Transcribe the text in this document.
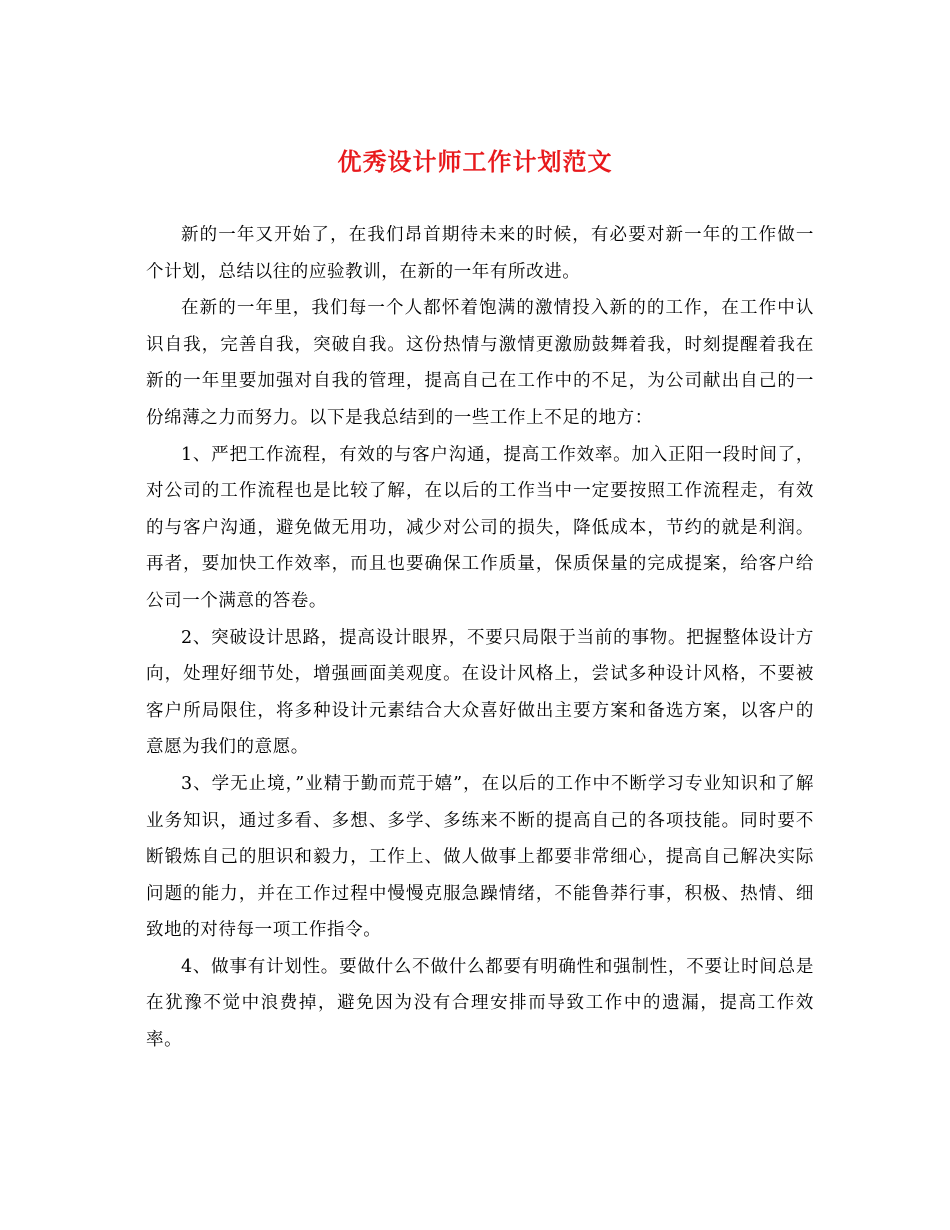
优秀设计师工作计划范文

新的一年又开始了，在我们昂首期待未来的时候，有必要对新一年的工作做一个计划，总结以往的应验教训，在新的一年有所改进。

在新的一年里，我们每一个人都怀着饱满的激情投入新的的工作，在工作中认识自我，完善自我，突破自我。这份热情与激情更激励鼓舞着我，时刻提醒着我在新的一年里要加强对自我的管理，提高自己在工作中的不足，为公司献出自己的一份绵薄之力而努力。以下是我总结到的一些工作上不足的地方：

1、严把工作流程，有效的与客户沟通，提高工作效率。加入正阳一段时间了，对公司的工作流程也是比较了解，在以后的工作当中一定要按照工作流程走，有效的与客户沟通，避免做无用功，减少对公司的损失，降低成本，节约的就是利润。再者，要加快工作效率，而且也要确保工作质量，保质保量的完成提案，给客户给公司一个满意的答卷。

2、突破设计思路，提高设计眼界，不要只局限于当前的事物。把握整体设计方向，处理好细节处，增强画面美观度。在设计风格上，尝试多种设计风格，不要被客户所局限住，将多种设计元素结合大众喜好做出主要方案和备选方案，以客户的意愿为我们的意愿。

3、学无止境，”业精于勤而荒于嬉”，在以后的工作中不断学习专业知识和了解业务知识，通过多看、多想、多学、多练来不断的提高自己的各项技能。同时要不断锻炼自己的胆识和毅力，工作上、做人做事上都要非常细心，提高自己解决实际问题的能力，并在工作过程中慢慢克服急躁情绪，不能鲁莽行事，积极、热情、细致地的对待每一项工作指令。

4、做事有计划性。要做什么不做什么都要有明确性和强制性，不要让时间总是在犹豫不觉中浪费掉，避免因为没有合理安排而导致工作中的遗漏，提高工作效率。
